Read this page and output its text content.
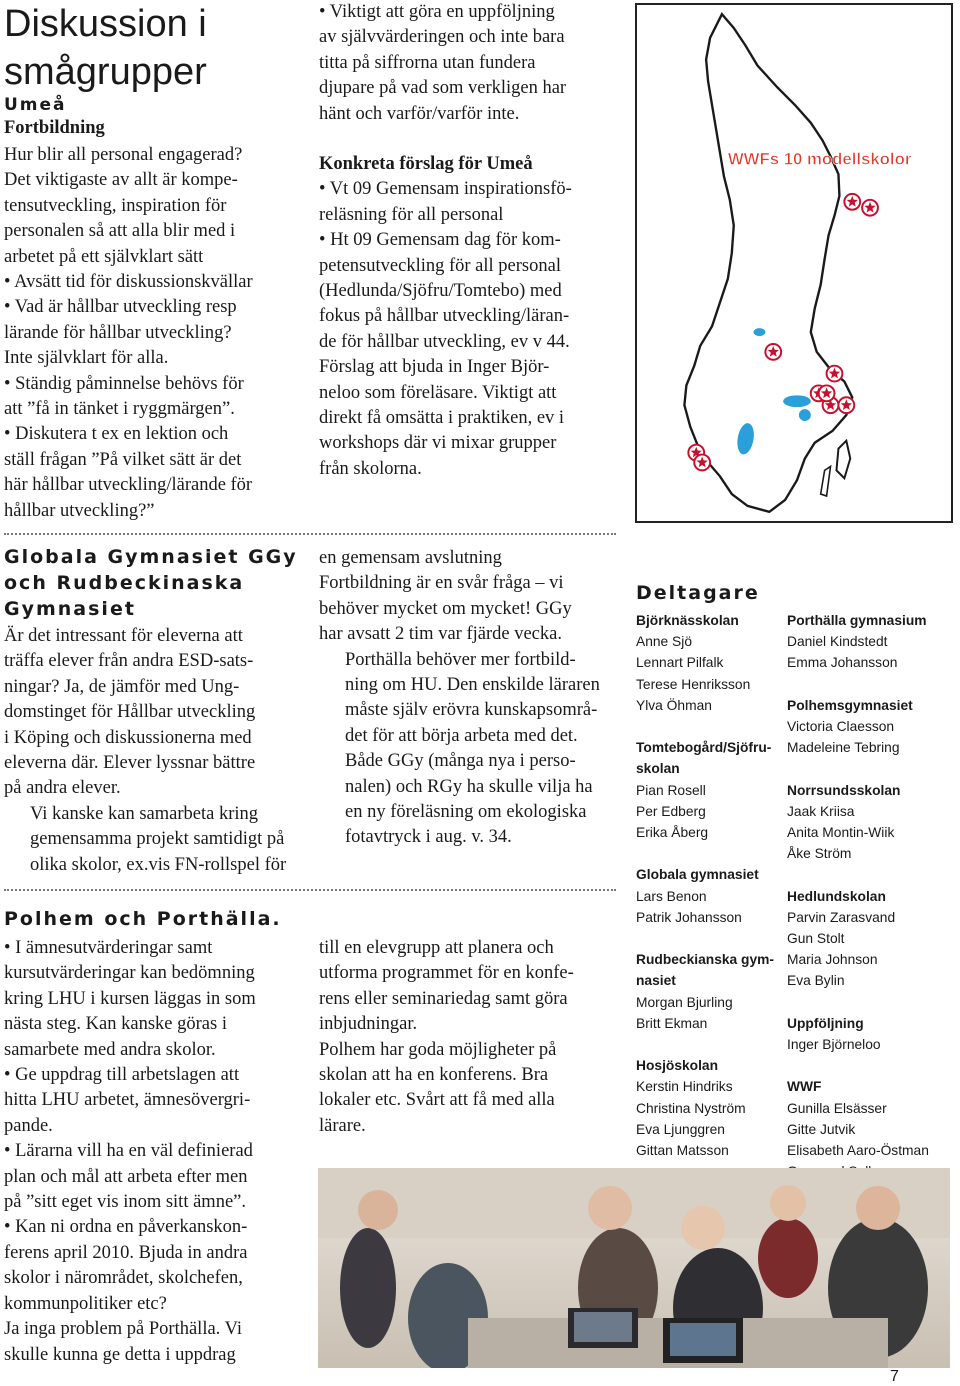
Diskussion i smågrupper
Umeå
Fortbildning
Hur blir all personal engagerad?
Det viktigaste av allt är kompe-
tensutveckling, inspiration för
personalen så att alla blir med i
arbetet på ett självklart sätt
• Avsätt tid för diskussionskvällar
• Vad är hållbar utveckling resp
lärande för hållbar utveckling?
Inte självklart för alla.
• Ständig påminnelse behövs för
att ”få in tänket i ryggmärgen”.
• Diskutera t ex en lektion och
ställ frågan ”På vilket sätt är det
här hållbar utveckling/lärande för
hållbar utveckling?”
Globala Gymnasiet GGy
och Rudbeckinaska
Gymnasiet
Är det intressant för eleverna att
träffa elever från andra ESD-sats-
ningar? Ja, de jämför med Ung-
domstinget för Hållbar utveckling
i Köping och diskussionerna med
eleverna där. Elever lyssnar bättre
på andra elever.
Vi kanske kan samarbeta kring
gemensamma projekt samtidigt på
olika skolor, ex.vis FN-rollspel för
Polhem och Porthälla.
• I ämnesutvärderingar samt
kursutvärderingar kan bedömning
kring LHU i kursen läggas in som
nästa steg. Kan kanske göras i
samarbete med andra skolor.
• Ge uppdrag till arbetslagen att
hitta LHU arbetet, ämnesövergri-
pande.
• Lärarna vill ha en väl definierad
plan och mål att arbeta efter men
på ”sitt eget vis inom sitt ämne”.
• Kan ni ordna en påverkanskon-
ferens april 2010. Bjuda in andra
skolor i närområdet, skolchefen,
kommunpolitiker etc?
Ja inga problem på Porthälla. Vi
skulle kunna ge detta i uppdrag
• Viktigt att göra en uppföljning
av självvärderingen och inte bara
titta på siffrorna utan fundera
djupare på vad som verkligen har
hänt och varför/varför inte.
Konkreta förslag för Umeå
• Vt 09 Gemensam inspirationsfö-
reläsning för all personal
• Ht 09 Gemensam dag för kom-
petensutveckling för all personal
(Hedlunda/Sjöfru/Tomtebo) med
fokus på hållbar utveckling/läran-
de för hållbar utveckling, ev v 44.
Förslag att bjuda in Inger Björ-
neloo som föreläsare. Viktigt att
direkt få omsätta i praktiken, ev i
workshops där vi mixar grupper
från skolorna.
en gemensam avslutning
Fortbildning är en svår fråga – vi
behöver mycket om mycket! GGy
har avsatt 2 tim var fjärde vecka.
Porthälla behöver mer fortbild-
ning om HU. Den enskilde läraren
måste själv erövra kunskapsområ-
det för att börja arbeta med det.
Både GGy (många nya i perso-
nalen) och RGy ha skulle vilja ha
en ny föreläsning om ekologiska
fotavtryck i aug. v. 34.
till en elevgrupp att planera och
utforma programmet för en konfe-
rens eller seminariedag samt göra
inbjudningar.
Polhem har goda möjligheter på
skolan att ha en konferens. Bra
lokaler etc. Svårt att få med alla
lärare.
WWFs 10 modellskolor
Deltagare
Björknässkolan
Anne Sjö
Lennart Pilfalk
Terese Henriksson
Ylva Öhman
Tomtebogård/Sjöfru-
skolan
Pian Rosell
Per Edberg
Erika Åberg
Globala gymnasiet
Lars Benon
Patrik Johansson
Rudbeckianska gym-
nasiet
Morgan Bjurling
Britt Ekman
Hosjöskolan
Kerstin Hindriks
Christina Nyström
Eva Ljunggren
Gittan Matsson
Porthälla gymnasium
Daniel Kindstedt
Emma Johansson
Polhemsgymnasiet
Victoria Claesson
Madeleine Tebring
Norrsundsskolan
Jaak Kriisa
Anita Montin-Wiik
Åke Ström
Hedlundskolan
Parvin Zarasvand
Gun Stolt
Maria Johnson
Eva Bylin
Uppföljning
Inger Björneloo
WWF
Gunilla Elsässer
Gitte Jutvik
Elisabeth Aaro-Östman
7
